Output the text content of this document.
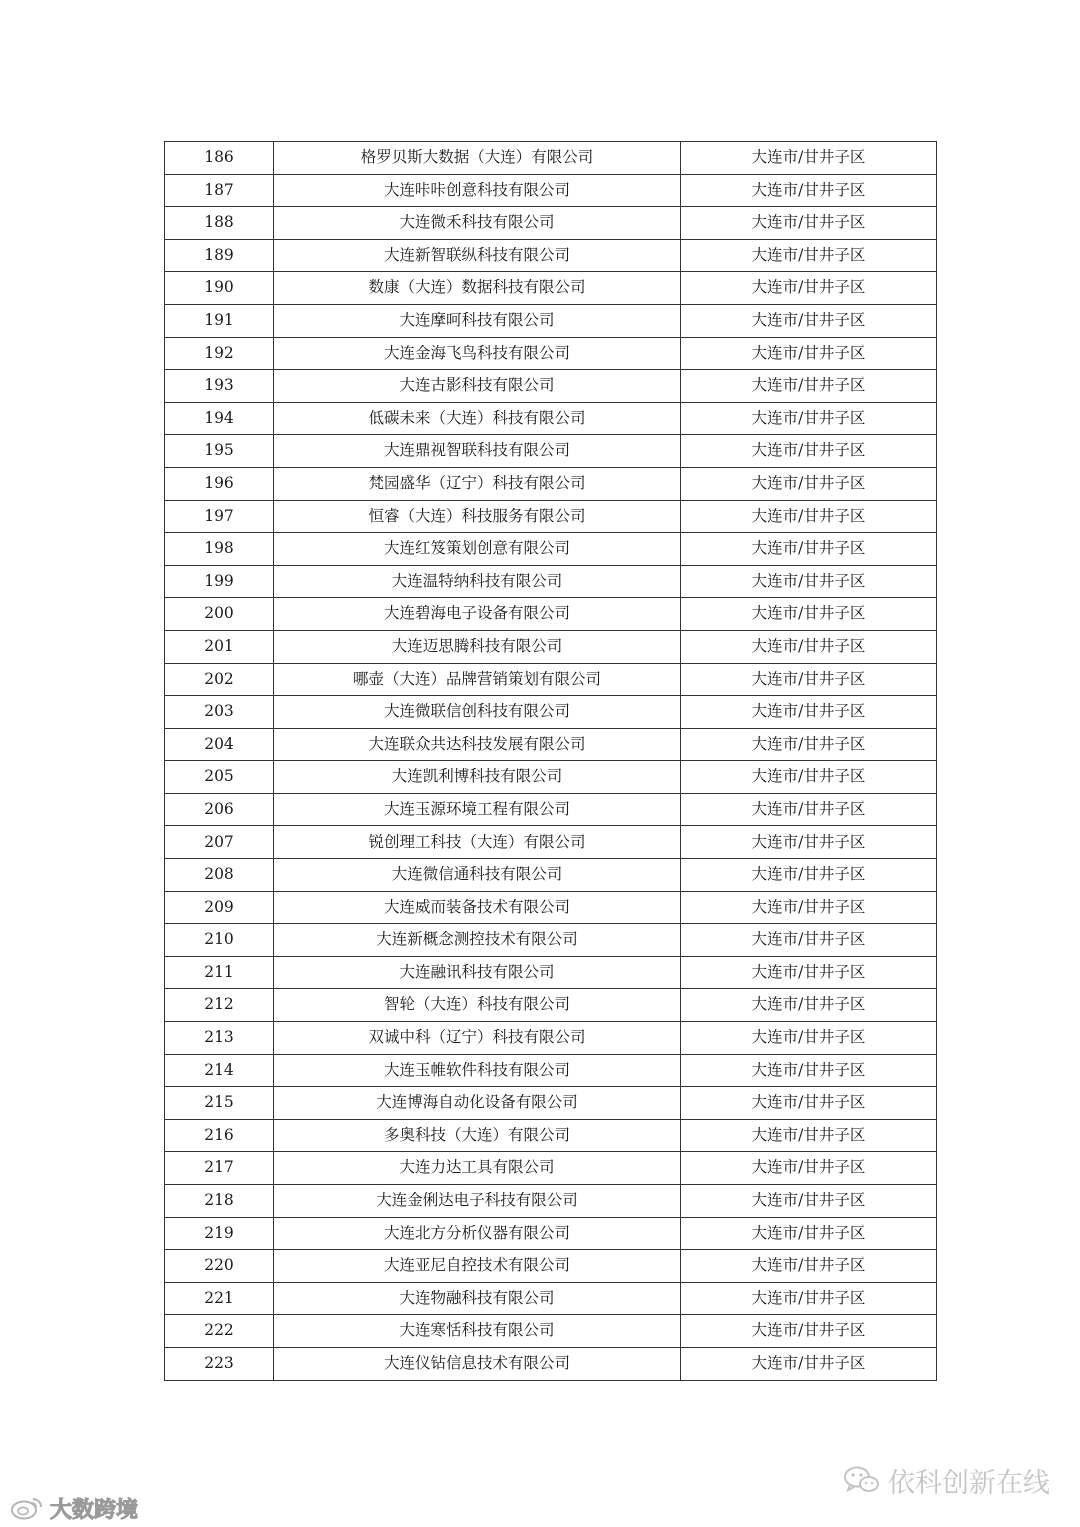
186	格罗贝斯大数据（大连）有限公司	大连市/甘井子区
187	大连咔咔创意科技有限公司	大连市/甘井子区
188	大连微禾科技有限公司	大连市/甘井子区
189	大连新智联纵科技有限公司	大连市/甘井子区
190	数康（大连）数据科技有限公司	大连市/甘井子区
191	大连摩呵科技有限公司	大连市/甘井子区
192	大连金海飞鸟科技有限公司	大连市/甘井子区
193	大连古影科技有限公司	大连市/甘井子区
194	低碳未来（大连）科技有限公司	大连市/甘井子区
195	大连鼎视智联科技有限公司	大连市/甘井子区
196	梵园盛华（辽宁）科技有限公司	大连市/甘井子区
197	恒睿（大连）科技服务有限公司	大连市/甘井子区
198	大连红笈策划创意有限公司	大连市/甘井子区
199	大连温特纳科技有限公司	大连市/甘井子区
200	大连碧海电子设备有限公司	大连市/甘井子区
201	大连迈思腾科技有限公司	大连市/甘井子区
202	哪壶（大连）品牌营销策划有限公司	大连市/甘井子区
203	大连微联信创科技有限公司	大连市/甘井子区
204	大连联众共达科技发展有限公司	大连市/甘井子区
205	大连凯利博科技有限公司	大连市/甘井子区
206	大连玉源环境工程有限公司	大连市/甘井子区
207	锐创理工科技（大连）有限公司	大连市/甘井子区
208	大连微信通科技有限公司	大连市/甘井子区
209	大连威而装备技术有限公司	大连市/甘井子区
210	大连新概念测控技术有限公司	大连市/甘井子区
211	大连融讯科技有限公司	大连市/甘井子区
212	智轮（大连）科技有限公司	大连市/甘井子区
213	双诚中科（辽宁）科技有限公司	大连市/甘井子区
214	大连玉帷软件科技有限公司	大连市/甘井子区
215	大连博海自动化设备有限公司	大连市/甘井子区
216	多奥科技（大连）有限公司	大连市/甘井子区
217	大连力达工具有限公司	大连市/甘井子区
218	大连金俐达电子科技有限公司	大连市/甘井子区
219	大连北方分析仪器有限公司	大连市/甘井子区
220	大连亚尼自控技术有限公司	大连市/甘井子区
221	大连物融科技有限公司	大连市/甘井子区
222	大连寒恬科技有限公司	大连市/甘井子区
223	大连仪钻信息技术有限公司	大连市/甘井子区
大数跨境
依科创新在线
